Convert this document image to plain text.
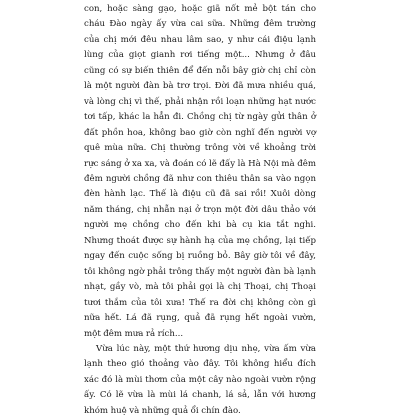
con, hoặc sàng gạo, hoặc giã nốt mẻ bột tán cho cháu Đào ngày ấy vừa cai sữa. Những đêm trường của chị mới đêu nhau lâm sao, y như cái điệu lạnh lùng của giọt gianh rơi tiếng một... Nhưng ở đâu cũng có sự biến thiên để đến nỗi bây giờ chị chỉ còn là một người đàn bà trơ trọi. Đời đã mưa nhiều quá, và lòng chị vì thế, phải nhận rồi loạn những hạt nước tơi tấp, khác la hẳn đi. Chồng chị từ ngày gửi thân ở đất phồn hoa, không bao giờ còn nghĩ đến người vợ quê mùa nữa. Chị thường trông vời về khoảng trời rực sáng ở xa xa, và đoán có lẽ đấy là Hà Nội mà đêm đêm người chồng đã như con thiêu thân sa vào ngọn đèn hành lạc. Thế là điệu cũ đã sai rồi! Xuôi dòng năm tháng, chị nhẫn nại ở trọn một đời dâu thảo với người mẹ chồng cho đến khi bà cụ kia tắt nghi. Nhưng thoát được sự hành hạ của mẹ chồng, lại tiếp ngay đến cuộc sống bị ruồng bỏ. Bây giờ tôi về đây, tôi không ngờ phải trông thấy một người đàn bà lạnh nhạt, gầy vò, mà tôi phải gọi là chị Thoại, chị Thoại tươi thắm của tôi xưa! Thế ra đời chị không còn gì nữa hết. Lá đã rụng, quả đã rụng hết ngoài vườn, một đêm mưa rả rích...

Vừa lúc này, một thứ hương dịu nhẹ, vừa ấm vừa lạnh theo gió thoảng vào đây. Tôi không hiểu đích xác đó là mùi thơm của một cây nào ngoài vườn rộng ấy. Có lẽ vừa là mùi lá chanh, lá sả, lẫn với hương khóm huệ và những quả ổi chín đào.
